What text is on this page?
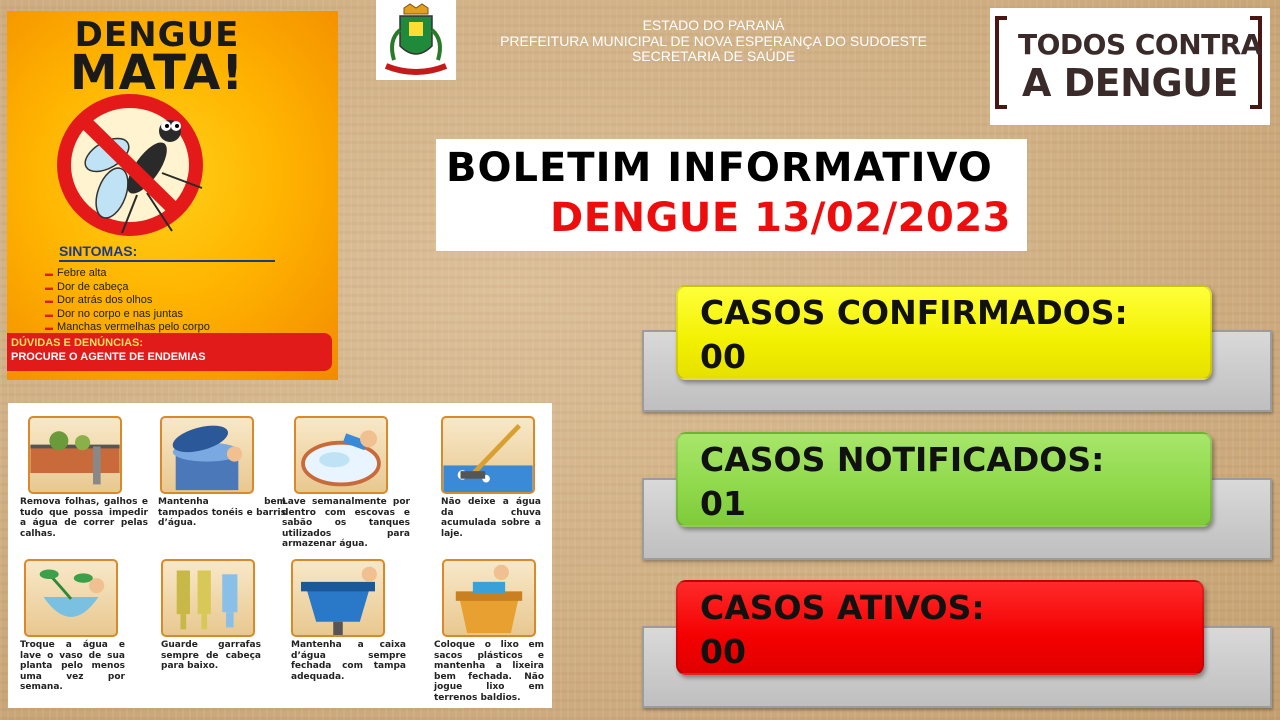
DENGUE
MATA!
SINTOMAS:
▬ Febre alta
▬ Dor de cabeça
▬ Dor atrás dos olhos
▬ Dor no corpo e nas juntas
▬ Manchas vermelhas pelo corpo
DÚVIDAS E DENÚNCIAS:
PROCURE O AGENTE DE ENDEMIAS
ESTADO DO PARANÁ
PREFEITURA MUNICIPAL DE NOVA ESPERANÇA DO SUDOESTE
SECRETARIA DE SAÚDE	TODOS CONTRA
A DENGUE
BOLETIM INFORMATIVO
DENGUE 13/02/2023
CASOS CONFIRMADOS:
00
CASOS NOTIFICADOS:
01
CASOS ATIVOS:
00
Remova folhas, galhos e tudo que possa impedir a água de correr pelas calhas.
Mantenha bem tampados tonéis e barris d’água.
Lave semanalmente por dentro com escovas e sabão os tanques utilizados para armazenar água.
Não deixe a água da chuva acumulada sobre a laje.
Troque a água e lave o vaso de sua planta pelo menos uma vez por semana.
Guarde garrafas sempre de cabeça para baixo.
Mantenha a caixa d’água sempre fechada com tampa adequada.
Coloque o lixo em sacos plásticos e mantenha a lixeira bem fechada. Não jogue lixo em terrenos baldios.
